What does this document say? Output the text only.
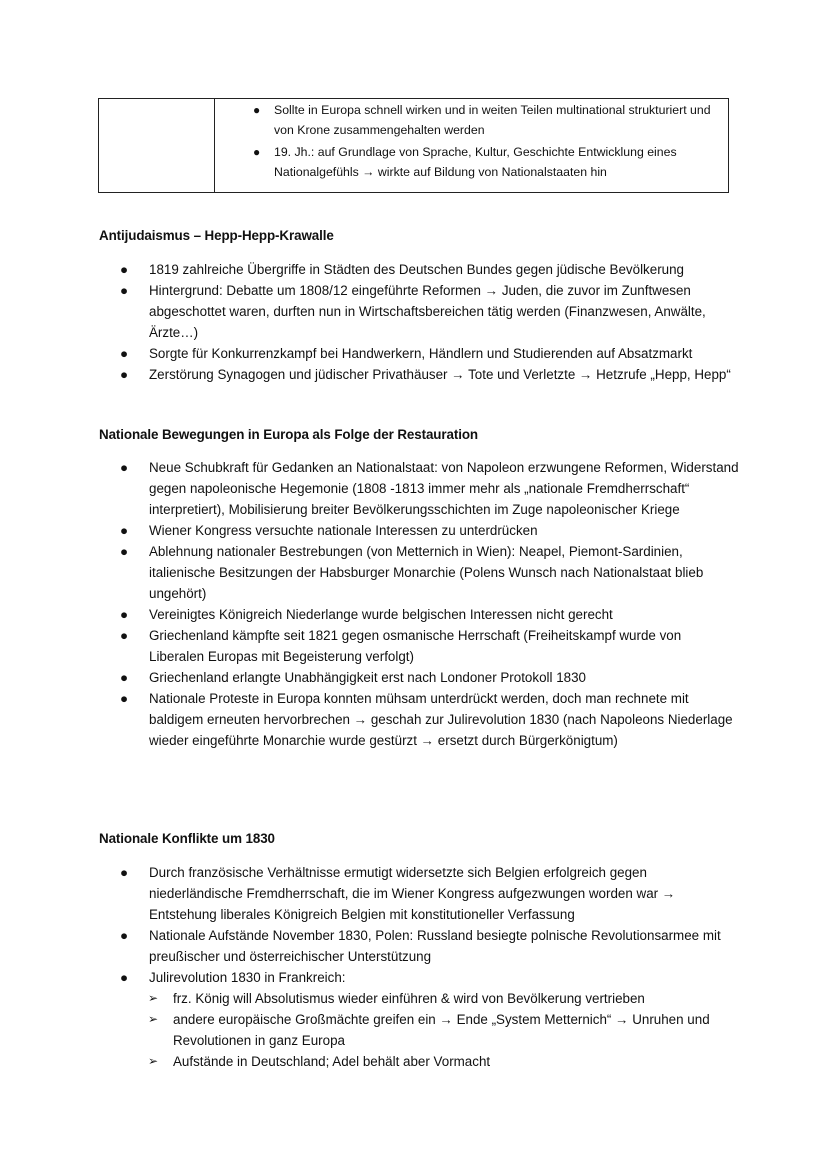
● Sollte in Europa schnell wirken und in weiten Teilen multinational strukturiert und von Krone zusammengehalten werden
● 19. Jh.: auf Grundlage von Sprache, Kultur, Geschichte Entwicklung eines Nationalgefühls → wirkte auf Bildung von Nationalstaaten hin
Antijudaismus – Hepp-Hepp-Krawalle
● 1819 zahlreiche Übergriffe in Städten des Deutschen Bundes gegen jüdische Bevölkerung
● Hintergrund: Debatte um 1808/12 eingeführte Reformen → Juden, die zuvor im Zunftwesen abgeschottet waren, durften nun in Wirtschaftsbereichen tätig werden (Finanzwesen, Anwälte, Ärzte…)
● Sorgte für Konkurrenzkampf bei Handwerkern, Händlern und Studierenden auf Absatzmarkt
● Zerstörung Synagogen und jüdischer Privathäuser → Tote und Verletzte → Hetzrufe „Hepp, Hepp“
Nationale Bewegungen in Europa als Folge der Restauration
● Neue Schubkraft für Gedanken an Nationalstaat: von Napoleon erzwungene Reformen, Widerstand gegen napoleonische Hegemonie (1808 -1813 immer mehr als „nationale Fremdherrschaft“ interpretiert), Mobilisierung breiter Bevölkerungsschichten im Zuge napoleonischer Kriege
● Wiener Kongress versuchte nationale Interessen zu unterdrücken
● Ablehnung nationaler Bestrebungen (von Metternich in Wien): Neapel, Piemont-Sardinien, italienische Besitzungen der Habsburger Monarchie (Polens Wunsch nach Nationalstaat blieb ungehört)
● Vereinigtes Königreich Niederlange wurde belgischen Interessen nicht gerecht
● Griechenland kämpfte seit 1821 gegen osmanische Herrschaft (Freiheitskampf wurde von Liberalen Europas mit Begeisterung verfolgt)
● Griechenland erlangte Unabhängigkeit erst nach Londoner Protokoll 1830
● Nationale Proteste in Europa konnten mühsam unterdrückt werden, doch man rechnete mit baldigem erneuten hervorbrechen → geschah zur Julirevolution 1830 (nach Napoleons Niederlage wieder eingeführte Monarchie wurde gestürzt → ersetzt durch Bürgerkönigtum)
Nationale Konflikte um 1830
● Durch französische Verhältnisse ermutigt widersetzte sich Belgien erfolgreich gegen niederländische Fremdherrschaft, die im Wiener Kongress aufgezwungen worden war → Entstehung liberales Königreich Belgien mit konstitutioneller Verfassung
● Nationale Aufstände November 1830, Polen: Russland besiegte polnische Revolutionsarmee mit preußischer und österreichischer Unterstützung
● Julirevolution 1830 in Frankreich:
➢ frz. König will Absolutismus wieder einführen & wird von Bevölkerung vertrieben
➢ andere europäische Großmächte greifen ein → Ende „System Metternich“ → Unruhen und Revolutionen in ganz Europa
➢ Aufstände in Deutschland; Adel behält aber Vormacht
